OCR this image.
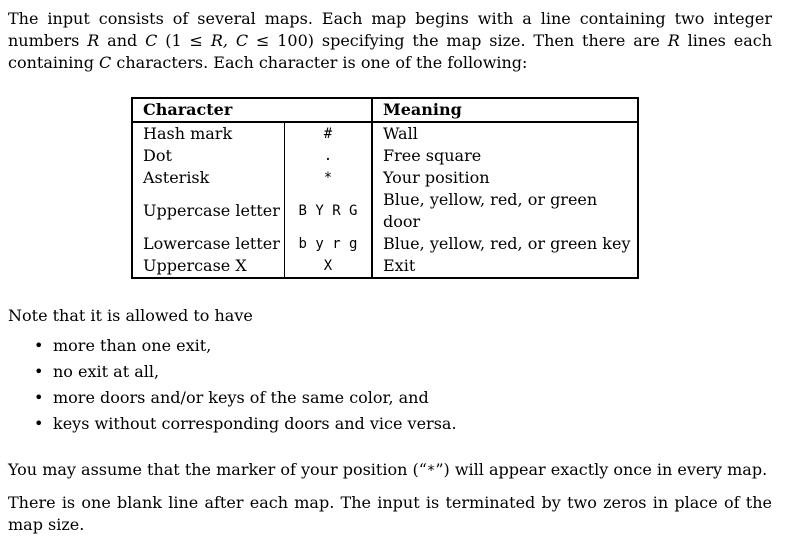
The input consists of several maps. Each map begins with a line containing two integer numbers R and C (1 ≤ R, C ≤ 100) specifying the map size. Then there are R lines each containing C characters. Each character is one of the following:

Character		Meaning
Hash mark	#	Wall
Dot	.	Free square
Asterisk	*	Your position
Uppercase letter	B Y R G	Blue, yellow, red, or green door
Lowercase letter	b y r g	Blue, yellow, red, or green key
Uppercase X	X	Exit

Note that it is allowed to have

• more than one exit,
• no exit at all,
• more doors and/or keys of the same color, and
• keys without corresponding doors and vice versa.

You may assume that the marker of your position (“*”) will appear exactly once in every map.

There is one blank line after each map. The input is terminated by two zeros in place of the map size.
